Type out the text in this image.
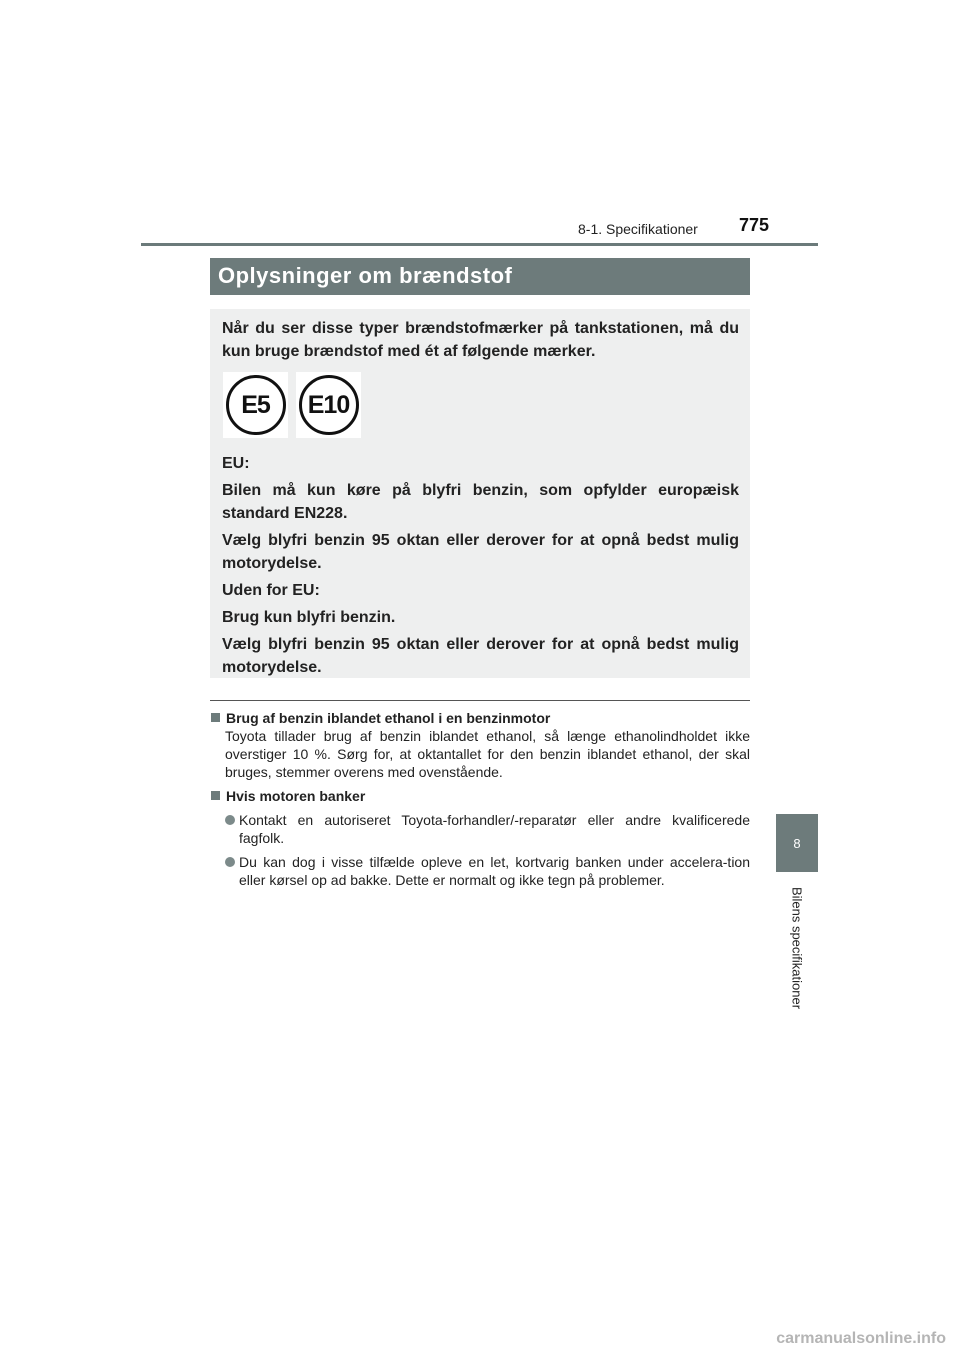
8-1. Specifikationer 775
Oplysninger om brændstof

Når du ser disse typer brændstofmærker på tankstationen, må du kun bruge brændstof med ét af følgende mærker.

E5	E10

EU:

Bilen må kun køre på blyfri benzin, som opfylder europæisk standard EN228.

Vælg blyfri benzin 95 oktan eller derover for at opnå bedst mulig motorydelse.

Uden for EU:

Brug kun blyfri benzin.

Vælg blyfri benzin 95 oktan eller derover for at opnå bedst mulig motorydelse.

Brug af benzin iblandet ethanol i en benzinmotor
Toyota tillader brug af benzin iblandet ethanol, så længe ethanolindholdet ikke overstiger 10 %. Sørg for, at oktantallet for den benzin iblandet ethanol, der skal bruges, stemmer overens med ovenstående.
Hvis motoren banker
Kontakt en autoriseret Toyota-forhandler/-reparatør eller andre kvalificerede fagfolk.
Du kan dog i visse tilfælde opleve en let, kortvarig banken under accelera-tion eller kørsel op ad bakke. Dette er normalt og ikke tegn på problemer.
8
Bilens specifikationer
carmanualsonline.info
